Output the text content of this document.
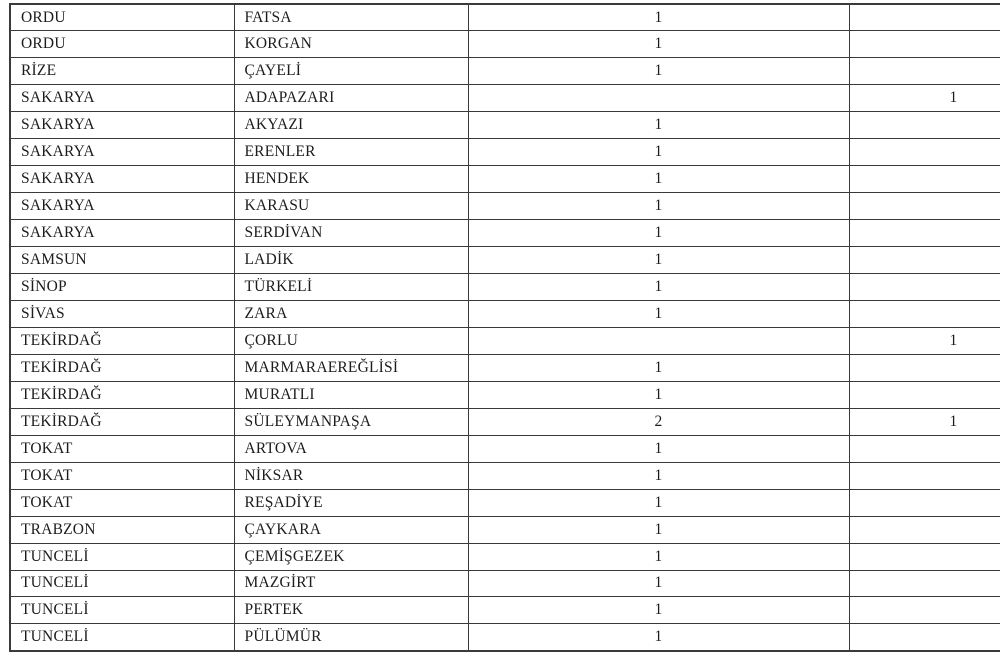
ORDU	FATSA	1	
ORDU	KORGAN	1	
RİZE	ÇAYELİ	1	
SAKARYA	ADAPAZARI		1
SAKARYA	AKYAZI	1	
SAKARYA	ERENLER	1	
SAKARYA	HENDEK	1	
SAKARYA	KARASU	1	
SAKARYA	SERDİVAN	1	
SAMSUN	LADİK	1	
SİNOP	TÜRKELİ	1	
SİVAS	ZARA	1	
TEKİRDAĞ	ÇORLU		1
TEKİRDAĞ	MARMARAEREĞLİSİ	1	
TEKİRDAĞ	MURATLI	1	
TEKİRDAĞ	SÜLEYMANPAŞA	2	1
TOKAT	ARTOVA	1	
TOKAT	NİKSAR	1	
TOKAT	REŞADİYE	1	
TRABZON	ÇAYKARA	1	
TUNCELİ	ÇEMİŞGEZEK	1	
TUNCELİ	MAZGİRT	1	
TUNCELİ	PERTEK	1	
TUNCELİ	PÜLÜMÜR	1	
